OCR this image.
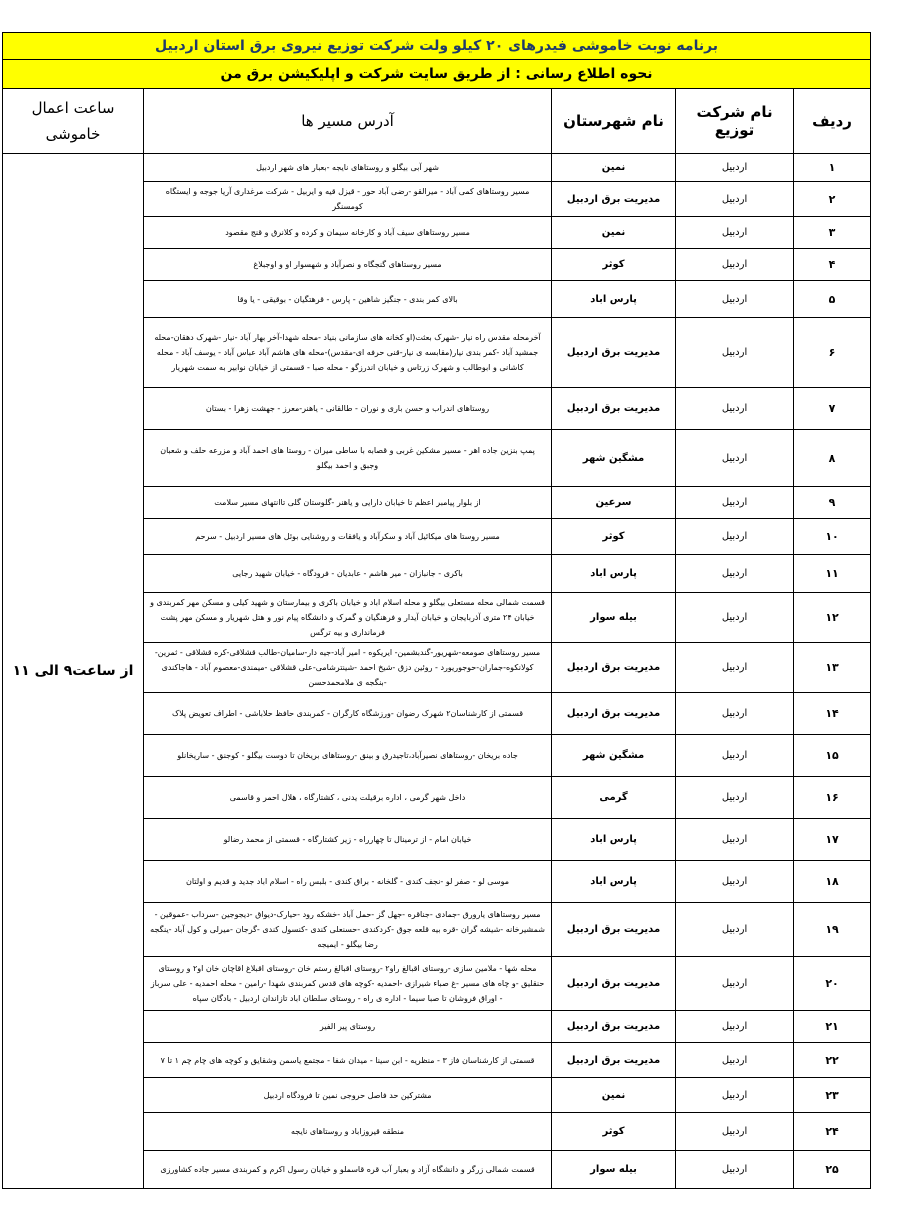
برنامه نوبت خاموشی فیدرهای ۲۰ کیلو ولت شرکت توزیع نیروی برق استان اردبیل				
نحوه اطلاع رسانی : از طریق سایت شرکت و اپلیکیشن برق من				
ردیف	نام شرکت توزیع	نام شهرستان	آدرس مسیر ها	ساعت اعمال
خاموشی

۱	اردبیل	نمین	شهر آبی بیگلو و روستاهای نایجه -بعبار های شهر اردبیل	از ساعت۹ الی ۱۱
۲	اردبیل	مدیریت برق اردبیل	مسیر روستاهای کمی آباد - میرالقو -رضی آباد حور - قیزل قیه و ایربیل - شرکت مرغداری آریا جوجه و ایستگاه کومسنگر	
۳	اردبیل	نمین	مسیر روستاهای سیف آباد و کارخانه سیمان و کرده و کلانرق و قنج مقصود	
۴	اردبیل	کوثر	مسیر روستاهای گنجگاه و نصرآباد و شهسوار او و اوجبلاغ	
۵	اردبیل	پارس اباد	بالای کمر بندی - جنگیز شاهین - پارس - قرهتگیان - بوقیقی - یا وقا	
۶	اردبیل	مدیریت برق اردبیل	آخرمحله مقدس راه نیار -شهرک بعثت(او کخانه های سازمانی بنیاد -محله شهدا-آخر بهار آباد -نیار -شهرک دهقان-محله جمشید آباد -کمر بندی نیار(مقابسه ی نیار-قنی حرفه ای-مقدس)-محله های هاشم آباد عباس آباد - یوسف آباد - محله کاشانی و ابوطالب و شهرک زرتاس و خیابان اندرزگو - محله صبا - قسمتی از خیابان نوابیر به سمت شهریار	
۷	اردبیل	مدیریت برق اردبیل	روستاهای اندراب و حسن باری و نوران - طالقانی - یاهنر-معرز - جهشت زهرا - بستان	
۸	اردبیل	مشگین شهر	پمپ بنزین جاده اهر - مسیر مشکین غربی و قصابه با ساطی میران - روستا های احمد آباد و مزرعه حلف و شعبان وجبق و احمد بیگلو	
۹	اردبیل	سرعین	از بلوار پیامبر اعظم تا خیابان دارایی و یاهنر -گلوستان گلی تاانتهای مسیر سلامت	
۱۰	اردبیل	کوثر	مسیر روستا های میکائیل آباد و سکرآباد و یافقات و روشنایی بوئل های مسیر اردبیل - سرحم	
۱۱	اردبیل	پارس اباد	باکری - جانبازان - میر هاشم - عابدیان - فرودگاه - خیابان شهید رجایی	
۱۲	اردبیل	بیله سوار	قسمت شمالی محله مستعلی بیگلو و محله اسلام اباد و خیابان باکری و بیمارستان و شهید کیلی و مسکن مهر کمربندی و خیابان ۲۴ متری آذربایجان و خیابان آیدار و فرهنگیان و گمرک و دانشگاه پیام نور و هتل شهریار و مسکن مهر پشت فرمانداری و بیه ترگس	
۱۳	اردبیل	مدیریت برق اردبیل	مسیر روستاهای صومعه-شهریور-گندبشمین- ایریکوه - امیر آباد-جیه دار-سامیان-طالب قشلاقی-کره قشلاقی - ثمرین-کولانکوه-جماران-حوجوریورد - روئین دزق -شیخ احمد -شینترشامی-علی قشلاقی -میمندی-معصوم آباد - هاجاکندی -بنگجه ی ملامحمدحسن	
۱۴	اردبیل	مدیریت برق اردبیل	قسمتی از کارشناسان۲ شهرک رضوان -ورزشگاه کارگران - کمربندی حافظ حلاباشی - اطراف تعویض پلاک	
۱۵	اردبیل	مشگین شهر	جاده بریخان -روستاهای نصیرآباد،تاجیدرق و بینق -روستاهای بریخان تا دوست بیگلو - کوجنق - ساریخانلو	
۱۶	اردبیل	گرمی	داخل شهر گرمی ، اداره برقیلت یدنی ، کشتارگاه ، هلال احمر و قاسمی	
۱۷	اردبیل	پارس اباد	خیابان امام - از ترمینال تا چهارراه - زیر کشتارگاه - قسمتی از محمد رضالو	
۱۸	اردبیل	پارس اباد	موسی لو - صفر لو -نجف کندی - گلخانه - براق کندی - بلبس راه - اسلام اباد جدید و قدیم و اولتان	
۱۹	اردبیل	مدیریت برق اردبیل	مسیر روستاهای یارورق -جمادی -جناقره -جهل گز -حمل آباد -خشکه رود -حیارک-دیواق -دیجوجین -سرداب -عموقین - شمشیرخانه -شیشه گران -قره بیه قلعه جوق -کردکندی -حسنعلی کندی -کنسول کندی -گرجان -میرلی و کول آباد -ینگجه رضا بیگلو - ایمیجه	
۲۰	اردبیل	مدیریت برق اردبیل	محله شها - ملامین سازی -روستای اقبالغ راو۲ -روستای اقبالغ رستم خان -روستای اقبلاغ اقاچان خان او۲ و روستای حنقلیق -و چاه های مسیر -غ صباء شیرازی -احمدیه -کوچه های قدس کمربندی شهدا -رامین - محله احمدیه - علی سرباز - اوراق فروشان تا صبا سیما - اداره ی راه - روستای سلطان اباد تازاندان اردبیل - بادگان سپاه	
۲۱	اردبیل	مدیریت برق اردبیل	روستای پیر الفیر	
۲۲	اردبیل	مدیریت برق اردبیل	قسمتی از کارشناسان فاز ۳ - منظریه - ابن سینا - میدان شفا - مجتمع یاسمن وشقایق و کوچه های چام چم ۱ تا ۷	
۲۳	اردبیل	نمین	مشترکین حد فاصل حروجی نمین تا فرودگاه اردبیل	
۲۴	اردبیل	کوثر	منطقه قیروزاباد و روستاهای نایجه	
۲۵	اردبیل	بیله سوار	قسمت شمالی زرگر و دانشگاه آزاد و بعبار آب قره قاسملو و خیابان رسول اکرم و کمربندی مسیر جاده کشاورزی	
